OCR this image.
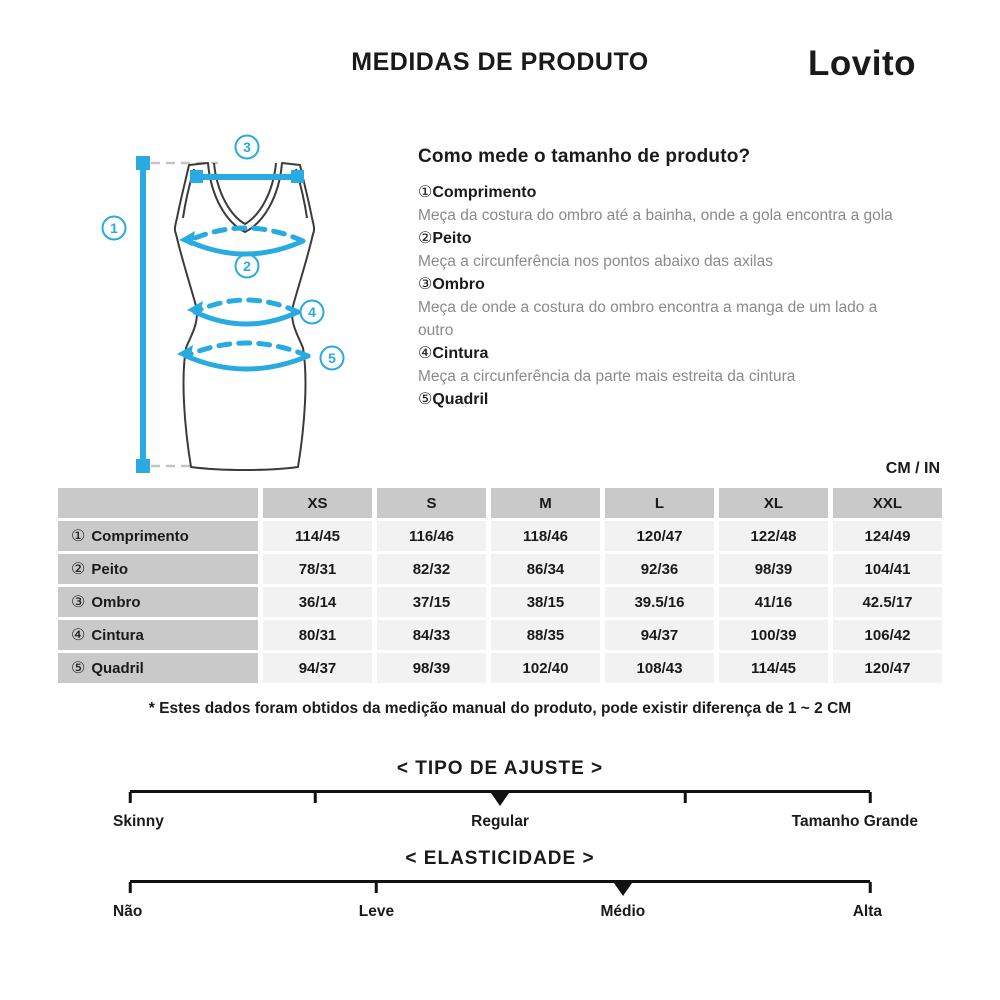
MEDIDAS DE PRODUTO	Lovito
1
2
3
4
5
Como mede o tamanho de produto?
①Comprimento
Meça da costura do ombro até a bainha, onde a gola encontra a gola
②Peito
Meça a circunferência nos pontos abaixo das axilas
③Ombro
Meça de onde a costura do ombro encontra a manga de um lado a outro
④Cintura
Meça a circunferência da parte mais estreita da cintura
⑤Quadril
CM / IN
XS	S	M	L	XL	XXL
① Comprimento	114/45	116/46	118/46	120/47	122/48	124/49
② Peito	78/31	82/32	86/34	92/36	98/39	104/41
③ Ombro	36/14	37/15	38/15	39.5/16	41/16	42.5/17
④ Cintura	80/31	84/33	88/35	94/37	100/39	106/42
⑤ Quadril	94/37	98/39	102/40	108/43	114/45	120/47
* Estes dados foram obtidos da medição manual do produto, pode existir diferença de 1 ~ 2 CM
< TIPO DE AJUSTE >
Skinny	Regular	Tamanho Grande
< ELASTICIDADE >
Não	Leve	Médio	Alta
